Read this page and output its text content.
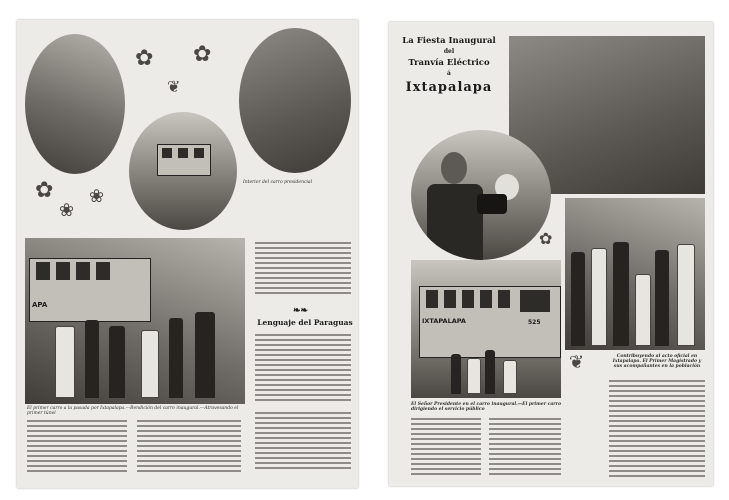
✿ ✿
✿
❀
❀
❦
Interior del carro presidencial
APA
❧❧
Lenguaje del Paraguas
El primer carro a la pasada por Ixtapalapa.—Bendición del carro inaugural.—Atravesando el primer túnel
La Fiesta Inaugural
del
Tranvía Eléctrico
á
Ixtapalapa
✿
IXTAPALAPA	525
Contribuyendo al acto oficial en Ixtapalapa. El Primer Magistrado y sus acompañantes en la población
❦
El Señor Presidente en el carro inaugural.—El primer carro dirigiendo el servicio público
